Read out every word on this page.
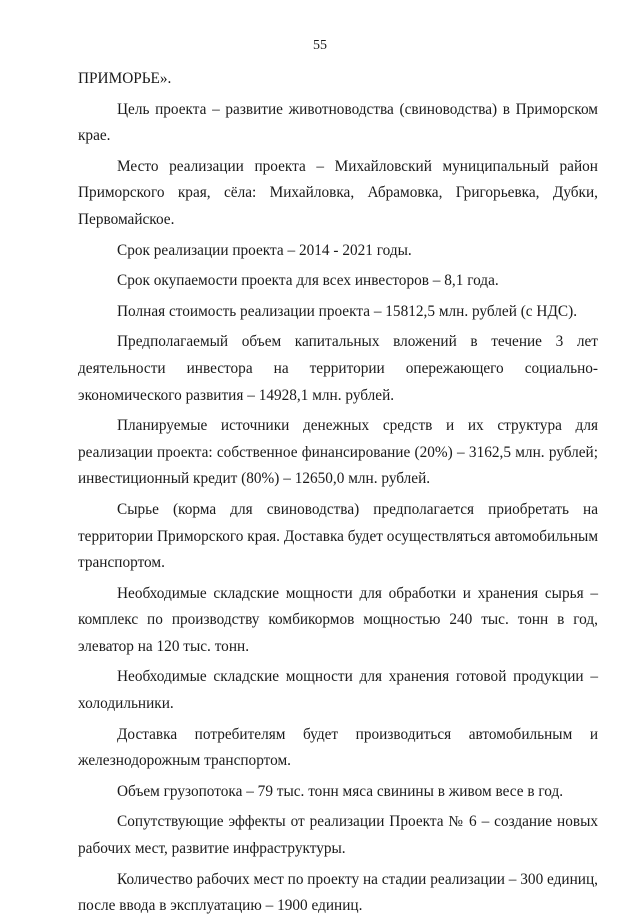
55

ПРИМОРЬЕ».

Цель проекта – развитие животноводства (свиноводства) в Приморском крае.

Место реализации проекта – Михайловский муниципальный район Приморского края, сёла: Михайловка, Абрамовка, Григорьевка, Дубки, Первомайское.

Срок реализации проекта – 2014 - 2021 годы.

Срок окупаемости проекта для всех инвесторов – 8,1 года.

Полная стоимость реализации проекта – 15812,5 млн. рублей (с НДС).

Предполагаемый объем капитальных вложений в течение 3 лет деятельности инвестора на территории опережающего социально-экономического развития – 14928,1 млн. рублей.

Планируемые источники денежных средств и их структура для реализации проекта: собственное финансирование (20%) – 3162,5 млн. рублей; инвестиционный кредит (80%) – 12650,0 млн. рублей.

Сырье (корма для свиноводства) предполагается приобретать на территории Приморского края. Доставка будет осуществляться автомобильным транспортом.

Необходимые складские мощности для обработки и хранения сырья – комплекс по производству комбикормов мощностью 240 тыс. тонн в год, элеватор на 120 тыс. тонн.

Необходимые складские мощности для хранения готовой продукции – холодильники.

Доставка потребителям будет производиться автомобильным и железнодорожным транспортом.

Объем грузопотока – 79 тыс. тонн мяса свинины в живом весе в год.

Сопутствующие эффекты от реализации Проекта № 6 – создание новых рабочих мест, развитие инфраструктуры.

Количество рабочих мест по проекту на стадии реализации – 300 единиц, после ввода в эксплуатацию – 1900 единиц.
